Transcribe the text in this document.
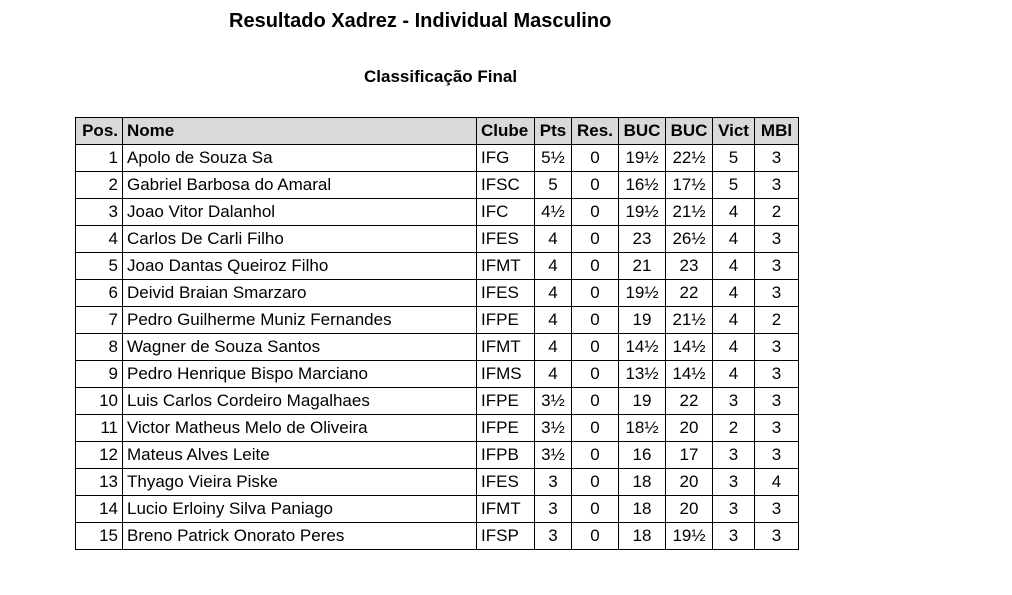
Resultado Xadrez - Individual Masculino
Classificação Final
Pos.	Nome	Clube	Pts	Res.	BUC	BUC	Vict	MBl
1	Apolo de Souza Sa	IFG	5½	0	19½	22½	5	3
2	Gabriel Barbosa do Amaral	IFSC	5	0	16½	17½	5	3
3	Joao Vitor Dalanhol	IFC	4½	0	19½	21½	4	2
4	Carlos De Carli Filho	IFES	4	0	23	26½	4	3
5	Joao Dantas Queiroz Filho	IFMT	4	0	21	23	4	3
6	Deivid Braian Smarzaro	IFES	4	0	19½	22	4	3
7	Pedro Guilherme Muniz Fernandes	IFPE	4	0	19	21½	4	2
8	Wagner de Souza Santos	IFMT	4	0	14½	14½	4	3
9	Pedro Henrique Bispo Marciano	IFMS	4	0	13½	14½	4	3
10	Luis Carlos Cordeiro Magalhaes	IFPE	3½	0	19	22	3	3
11	Victor Matheus Melo de Oliveira	IFPE	3½	0	18½	20	2	3
12	Mateus Alves Leite	IFPB	3½	0	16	17	3	3
13	Thyago Vieira Piske	IFES	3	0	18	20	3	4
14	Lucio Erloiny Silva Paniago	IFMT	3	0	18	20	3	3
15	Breno Patrick Onorato Peres	IFSP	3	0	18	19½	3	3
